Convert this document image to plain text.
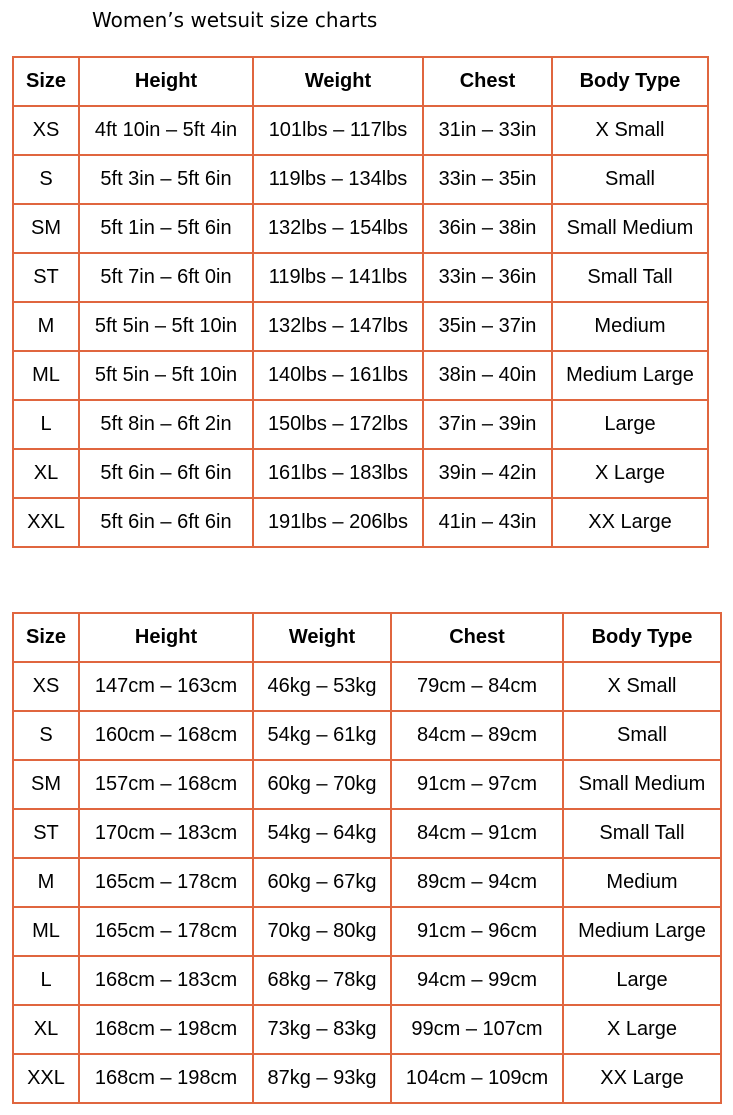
Women’s wetsuit size charts
Size	Height	Weight	Chest	Body Type
XS	4ft 10in – 5ft 4in	101lbs – 117lbs	31in – 33in	X Small
S	5ft 3in – 5ft 6in	119lbs – 134lbs	33in – 35in	Small
SM	5ft 1in – 5ft 6in	132lbs – 154lbs	36in – 38in	Small Medium
ST	5ft 7in – 6ft 0in	119lbs – 141lbs	33in – 36in	Small Tall
M	5ft 5in – 5ft 10in	132lbs – 147lbs	35in – 37in	Medium
ML	5ft 5in – 5ft 10in	140lbs – 161lbs	38in – 40in	Medium Large
L	5ft 8in – 6ft 2in	150lbs – 172lbs	37in – 39in	Large
XL	5ft 6in – 6ft 6in	161lbs – 183lbs	39in – 42in	X Large
XXL	5ft 6in – 6ft 6in	191lbs – 206lbs	41in – 43in	XX Large
Size	Height	Weight	Chest	Body Type
XS	147cm – 163cm	46kg – 53kg	79cm – 84cm	X Small
S	160cm – 168cm	54kg – 61kg	84cm – 89cm	Small
SM	157cm – 168cm	60kg – 70kg	91cm – 97cm	Small Medium
ST	170cm – 183cm	54kg – 64kg	84cm – 91cm	Small Tall
M	165cm – 178cm	60kg – 67kg	89cm – 94cm	Medium
ML	165cm – 178cm	70kg – 80kg	91cm – 96cm	Medium Large
L	168cm – 183cm	68kg – 78kg	94cm – 99cm	Large
XL	168cm – 198cm	73kg – 83kg	99cm – 107cm	X Large
XXL	168cm – 198cm	87kg – 93kg	104cm – 109cm	XX Large
